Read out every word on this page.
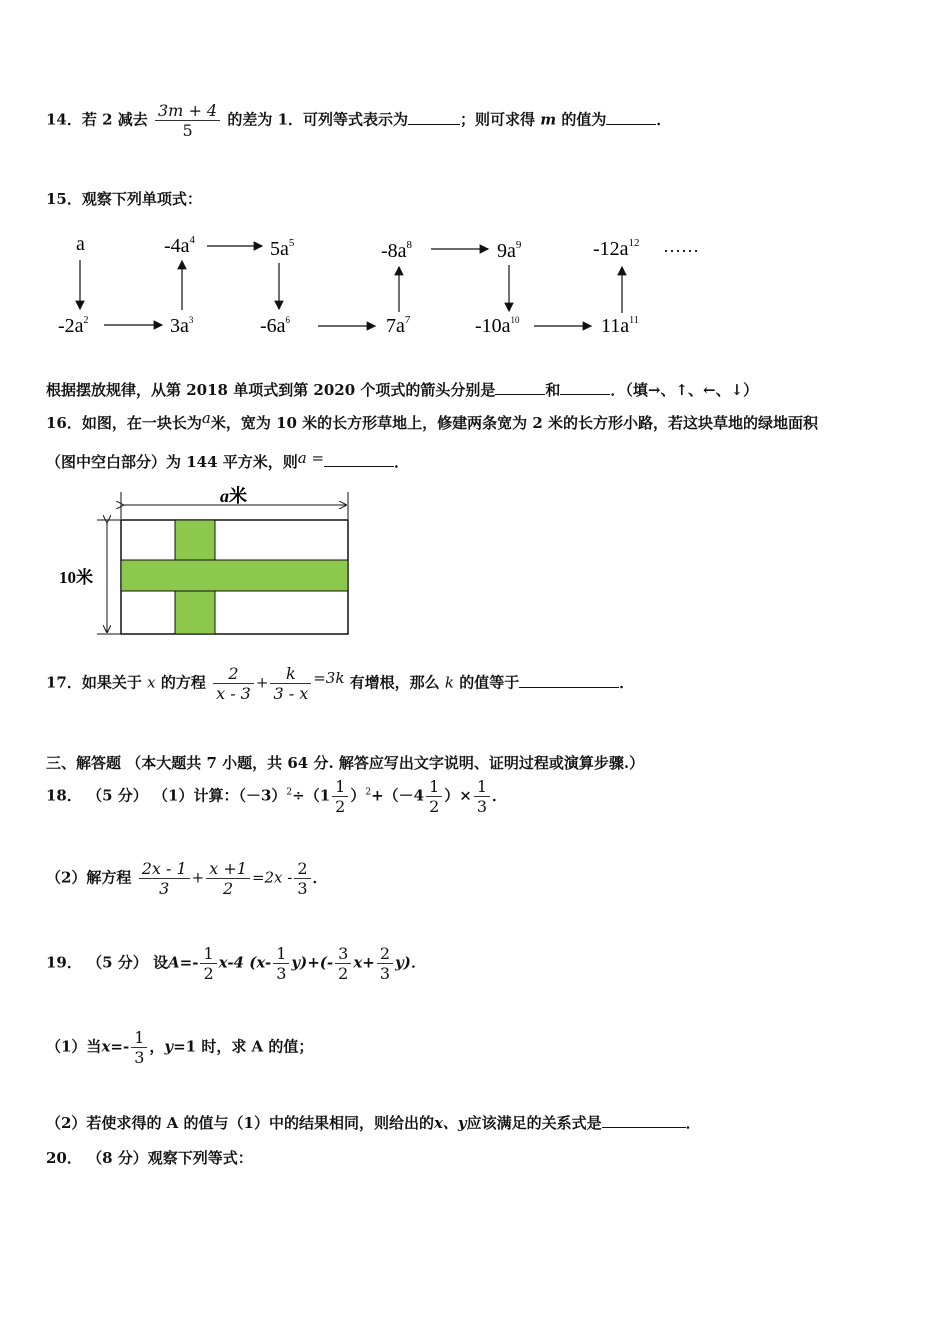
14．若 2 减去 $\frac{3m + 4}{5}$ 的差为 1．可列等式表示为	；则可求得 m 的值为	．
15．观察下列单项式：
a	$-4a^4$	$5a^5$	$-8a^8$	$9a^9$	$-12a^{12}$ ……
$-2a^2$	$3a^3$	$-6a^6$	$7a^7$	$-10a^{10}$	$11a^{11}$
根据摆放规律，从第 2018 单项式到第 2020 个项式的箭头分别是	和	．（填→、↑、←、↓）
16．如图，在一块长为a米，宽为 10 米的长方形草地上，修建两条宽为 2 米的长方形小路，若这块草地的绿地面积
（图中空白部分）为 144 平方米，则a =	．
a米
10米
17．如果关于 x 的方程 $\frac{2}{x - 3} + \frac{k}{3 - x} =3k$ 有增根，那么 k 的值等于	．
三、解答题 （本大题共 7 小题，共 64 分. 解答应写出文字说明、证明过程或演算步骤.）
18． （5 分） （1）计算：$(-3)^2\div(1 \frac{1}{2} )^2+(-4 \frac{1}{2}$ ）× $\frac{1}{3}$ ．
（2）解方程 $\frac{2x - 1}{3} + \frac{x +1}{2} =2x - \frac{2}{3}$ ．
19． （5 分） 设$A=- \frac{1}{2} x-4$ $(x- \frac{1}{3} y)+(- \frac{3}{2} x+ \frac{2}{3} y)$．
（1）当$x=- \frac{1}{3}$ ，y=1 时，求 A 的值；
（2）若使求得的 A 的值与（1）中的结果相同，则给出的x、y应该满足的关系式是	．
20． （8 分）观察下列等式：
